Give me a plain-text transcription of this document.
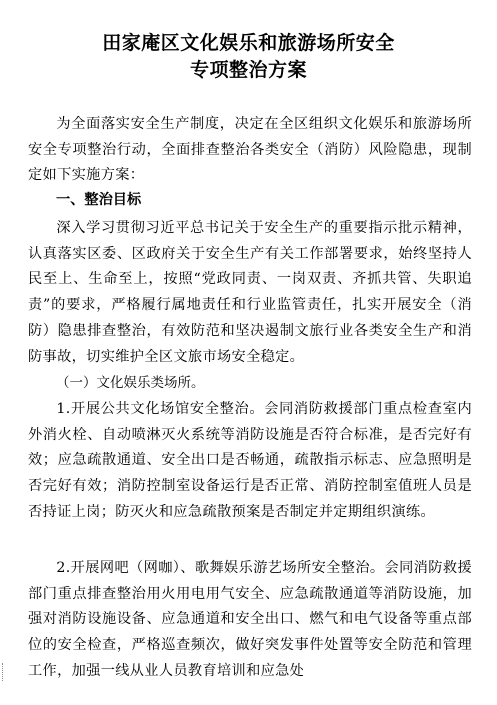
田家庵区文化娱乐和旅游场所安全
专项整治方案

为全面落实安全生产制度，决定在全区组织文化娱乐和旅游场所安全专项整治行动，全面排查整治各类安全（消防）风险隐患，现制定如下实施方案：

一、整治目标

深入学习贯彻习近平总书记关于安全生产的重要指示批示精神，认真落实区委、区政府关于安全生产有关工作部署要求，始终坚持人民至上、生命至上，按照“党政同责、一岗双责、齐抓共管、失职追责”的要求，严格履行属地责任和行业监管责任，扎实开展安全（消防）隐患排查整治，有效防范和坚决遏制文旅行业各类安全生产和消防事故，切实维护全区文旅市场安全稳定。

（一）文化娱乐类场所。

1.开展公共文化场馆安全整治。会同消防救援部门重点检查室内外消火栓、自动喷淋灭火系统等消防设施是否符合标准，是否完好有效；应急疏散通道、安全出口是否畅通，疏散指示标志、应急照明是否完好有效；消防控制室设备运行是否正常、消防控制室值班人员是否持证上岗；防灭火和应急疏散预案是否制定并定期组织演练。

2.开展网吧（网咖）、歌舞娱乐游艺场所安全整治。会同消防救援部门重点排查整治用火用电用气安全、应急疏散通道等消防设施，加强对消防设施设备、应急通道和安全出口、燃气和电气设备等重点部位的安全检查，严格巡查频次，做好突发事件处置等安全防范和管理工作，加强一线从业人员教育培训和应急处
